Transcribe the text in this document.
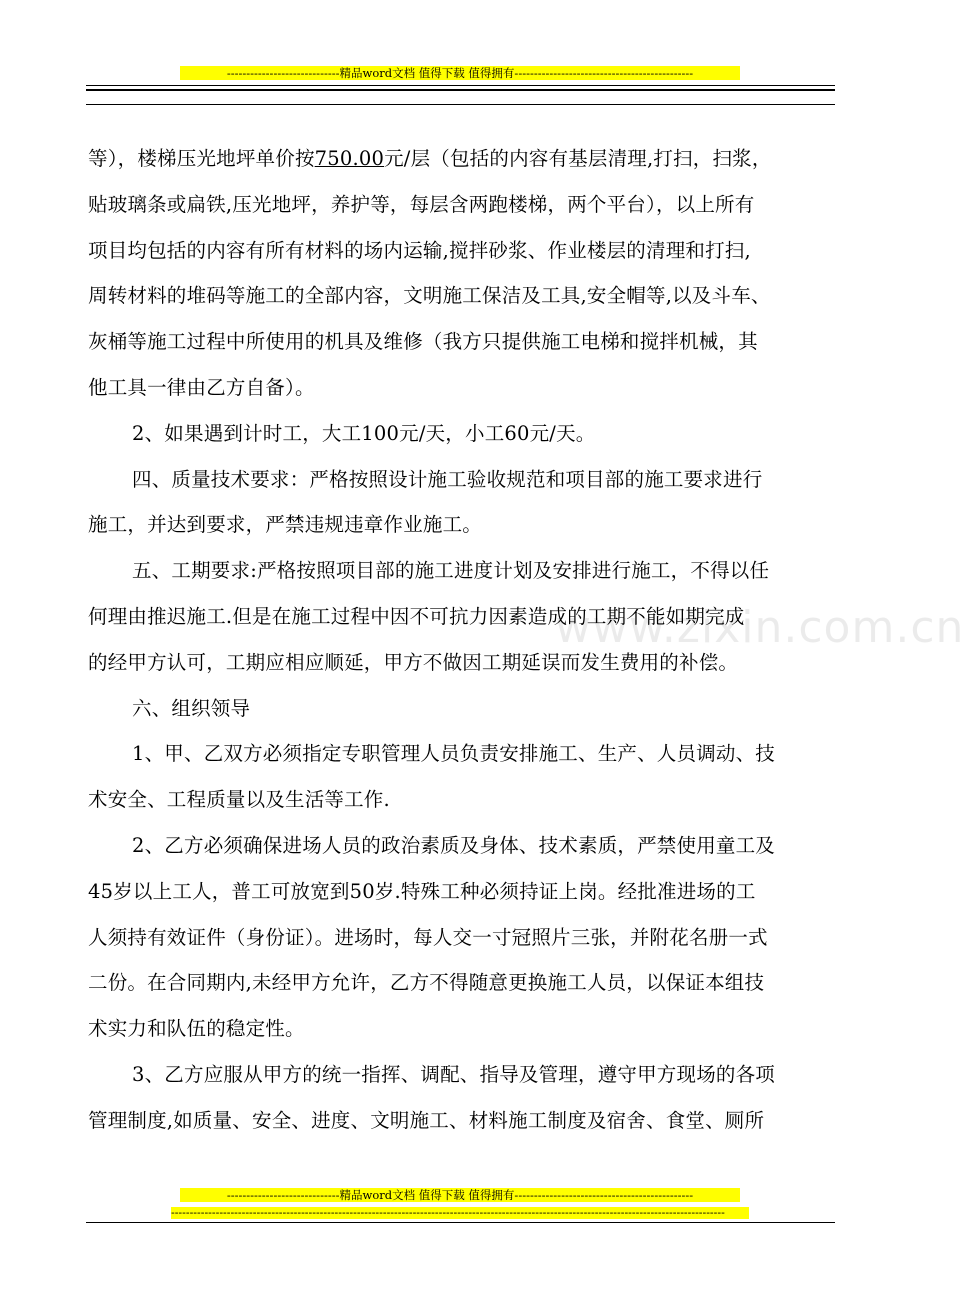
-----------------------------精品word文档 值得下载 值得拥有----------------------------------------------
www.zixin.com.cn
等），楼梯压光地坪单价按750.00元/层（包括的内容有基层清理,打扫，扫浆，
贴玻璃条或扁铁,压光地坪，养护等，每层含两跑楼梯，两个平台），以上所有
项目均包括的内容有所有材料的场内运输,搅拌砂浆、作业楼层的清理和打扫,
周转材料的堆码等施工的全部内容，文明施工保洁及工具,安全帽等,以及斗车、
灰桶等施工过程中所使用的机具及维修（我方只提供施工电梯和搅拌机械，其
他工具一律由乙方自备）。
2、如果遇到计时工，大工100元/天，小工60元/天。
四、质量技术要求：严格按照设计施工验收规范和项目部的施工要求进行
施工，并达到要求，严禁违规违章作业施工。
五、工期要求:严格按照项目部的施工进度计划及安排进行施工，不得以任
何理由推迟施工.但是在施工过程中因不可抗力因素造成的工期不能如期完成
的经甲方认可，工期应相应顺延，甲方不做因工期延误而发生费用的补偿。
六、组织领导
1、甲、乙双方必须指定专职管理人员负责安排施工、生产、人员调动、技
术安全、工程质量以及生活等工作.
2、乙方必须确保进场人员的政治素质及身体、技术素质，严禁使用童工及
45岁以上工人，普工可放宽到50岁.特殊工种必须持证上岗。经批准进场的工
人须持有效证件（身份证）。进场时，每人交一寸冠照片三张，并附花名册一式
二份。在合同期内,未经甲方允许，乙方不得随意更换施工人员，以保证本组技
术实力和队伍的稳定性。
3、乙方应服从甲方的统一指挥、调配、指导及管理，遵守甲方现场的各项
管理制度,如质量、安全、进度、文明施工、材料施工制度及宿舍、食堂、厕所
-----------------------------精品word文档 值得下载 值得拥有----------------------------------------------
-----------------------------------------------------------------------------------------------------------------------------------------------------
